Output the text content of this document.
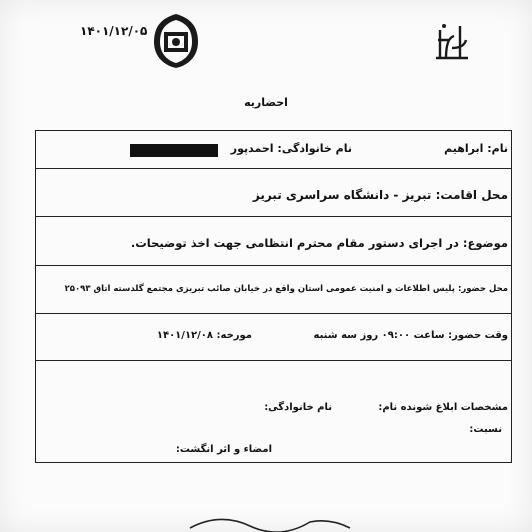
۱۴۰۱/۱۲/۰۵
احضاریه
نام: ابراهیم
نام خانوادگی: احمدپور
محل اقامت: تبریز - دانشگاه سراسری تبریز
موضوع: در اجرای دستور مقام محترم انتظامی جهت اخذ توضیحات.
محل حضور: پلیس اطلاعات و امنیت عمومی استان واقع در خیابان صائب تبریزی مجتمع گلدسته اتاق ۲۵۰۹۳
وقت حضور: ساعت ۰۹:۰۰ روز سه شنبه
مورخه: ۱۴۰۱/۱۲/۰۸
مشخصات ابلاغ شونده نام:
نام خانوادگی:
نسبت:
امضاء و اثر انگشت:
